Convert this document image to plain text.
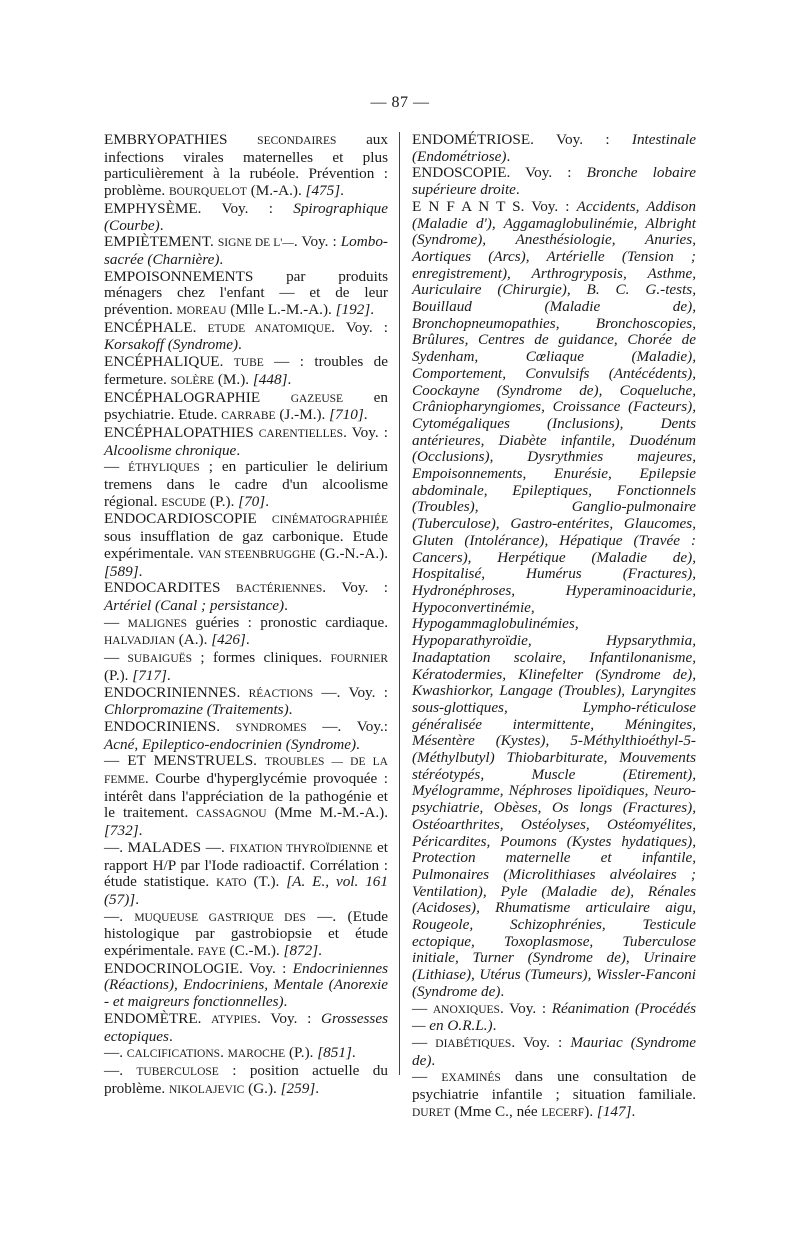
— 87 —

EMBRYOPATHIES SECONDAIRES aux infections virales maternelles et plus particulièrement à la rubéole. Prévention : problème. BOURQUELOT (M.-A.). [475].

EMPHYSÈME. Voy. : Spirographique (Courbe).

EMPIÈTEMENT. SIGNE DE L'—. Voy. : Lombo-sacrée (Charnière).

EMPOISONNEMENTS par produits ménagers chez l'enfant — et de leur prévention. MOREAU (Mlle L.-M.-A.). [192].

ENCÉPHALE. ETUDE ANATOMIQUE. Voy. : Korsakoff (Syndrome).

ENCÉPHALIQUE. TUBE — : troubles de fermeture. SOLÈRE (M.). [448].

ENCÉPHALOGRAPHIE GAZEUSE en psychiatrie. Etude. CARRABE (J.-M.). [710].

ENCÉPHALOPATHIES CARENTIELLES. Voy. : Alcoolisme chronique.

— ÉTHYLIQUES ; en particulier le delirium tremens dans le cadre d'un alcoolisme régional. ESCUDE (P.). [70].

ENDOCARDIOSCOPIE CINÉMATOGRAPHIÉE sous insufflation de gaz carbonique. Etude expérimentale. VAN STEENBRUGGHE (G.-N.-A.). [589].

ENDOCARDITES BACTÉRIENNES. Voy. : Artériel (Canal ; persistance).

— MALIGNES guéries : pronostic cardiaque. HALVADJIAN (A.). [426].

— SUBAIGUËS ; formes cliniques. FOURNIER (P.). [717].

ENDOCRINIENNES. RÉACTIONS —. Voy. : Chlorpromazine (Traitements).

ENDOCRINIENS. SYNDROMES —. Voy.: Acné, Epileptico-endocrinien (Syndrome).

— ET MENSTRUELS. TROUBLES — DE LA FEMME. Courbe d'hyperglycémie provoquée : intérêt dans l'appréciation de la pathogénie et le traitement. CASSAGNOU (Mme M.-M.-A.). [732].

—. MALADES —. FIXATION THYROÏDIENNE et rapport H/P par l'Iode radioactif. Corrélation : étude statistique. KATO (T.). [A. E., vol. 161 (57)].

—. MUQUEUSE GASTRIQUE DES —. (Etude histologique par gastrobiopsie et étude expérimentale. FAYE (C.-M.). [872].

ENDOCRINOLOGIE. Voy. : Endocriniennes (Réactions), Endocriniens, Mentale (Anorexie - et maigreurs fonctionnelles).

ENDOMÈTRE. ATYPIES. Voy. : Grossesses ectopiques.

—. CALCIFICATIONS. MAROCHE (P.). [851].

—. TUBERCULOSE : position actuelle du problème. NIKOLAJEVIC (G.). [259].

ENDOMÉTRIOSE. Voy. : Intestinale (Endométriose).

ENDOSCOPIE. Voy. : Bronche lobaire supérieure droite.

E N F A N T S. Voy. : Accidents, Addison (Maladie d'), Aggamaglobulinémie, Albright (Syndrome), Anesthésiologie, Anuries, Aortiques (Arcs), Artérielle (Tension ; enregistrement), Arthrogryposis, Asthme, Auriculaire (Chirurgie), B. C. G.-tests, Bouillaud (Maladie de), Bronchopneumopathies, Bronchoscopies, Brûlures, Centres de guidance, Chorée de Sydenham, Cœliaque (Maladie), Comportement, Convulsifs (Antécédents), Coockayne (Syndrome de), Coqueluche, Crâniopharyngiomes, Croissance (Facteurs), Cytomégaliques (Inclusions), Dents antérieures, Diabète infantile, Duodénum (Occlusions), Dysrythmies majeures, Empoisonnements, Enurésie, Epilepsie abdominale, Epileptiques, Fonctionnels (Troubles), Ganglio-pulmonaire (Tuberculose), Gastro-entérites, Glaucomes, Gluten (Intolérance), Hépatique (Travée : Cancers), Herpétique (Maladie de), Hospitalisé, Humérus (Fractures), Hydronéphroses, Hyperaminoacidurie, Hypoconvertinémie, Hypogammaglobulinémies, Hypoparathyroïdie, Hypsarythmia, Inadaptation scolaire, Infantilonanisme, Kératodermies, Klinefelter (Syndrome de), Kwashiorkor, Langage (Troubles), Laryngites sous-glottiques, Lympho-réticulose généralisée intermittente, Méningites, Mésentère (Kystes), 5-Méthylthioéthyl-5-(Méthylbutyl) Thiobarbiturate, Mouvements stéréotypés, Muscle (Etirement), Myélogramme, Néphroses lipoïdiques, Neuro-psychiatrie, Obèses, Os longs (Fractures), Ostéoarthrites, Ostéolyses, Ostéomyélites, Péricardites, Poumons (Kystes hydatiques), Protection maternelle et infantile, Pulmonaires (Microlithiases alvéolaires ; Ventilation), Pyle (Maladie de), Rénales (Acidoses), Rhumatisme articulaire aigu, Rougeole, Schizophrénies, Testicule ectopique, Toxoplasmose, Tuberculose initiale, Turner (Syndrome de), Urinaire (Lithiase), Utérus (Tumeurs), Wissler-Fanconi (Syndrome de).

— ANOXIQUES. Voy. : Réanimation (Procédés — en O.R.L.).

— DIABÉTIQUES. Voy. : Mauriac (Syndrome de).

— EXAMINÉS dans une consultation de psychiatrie infantile ; situation familiale. DURET (Mme C., née LECERF). [147].
